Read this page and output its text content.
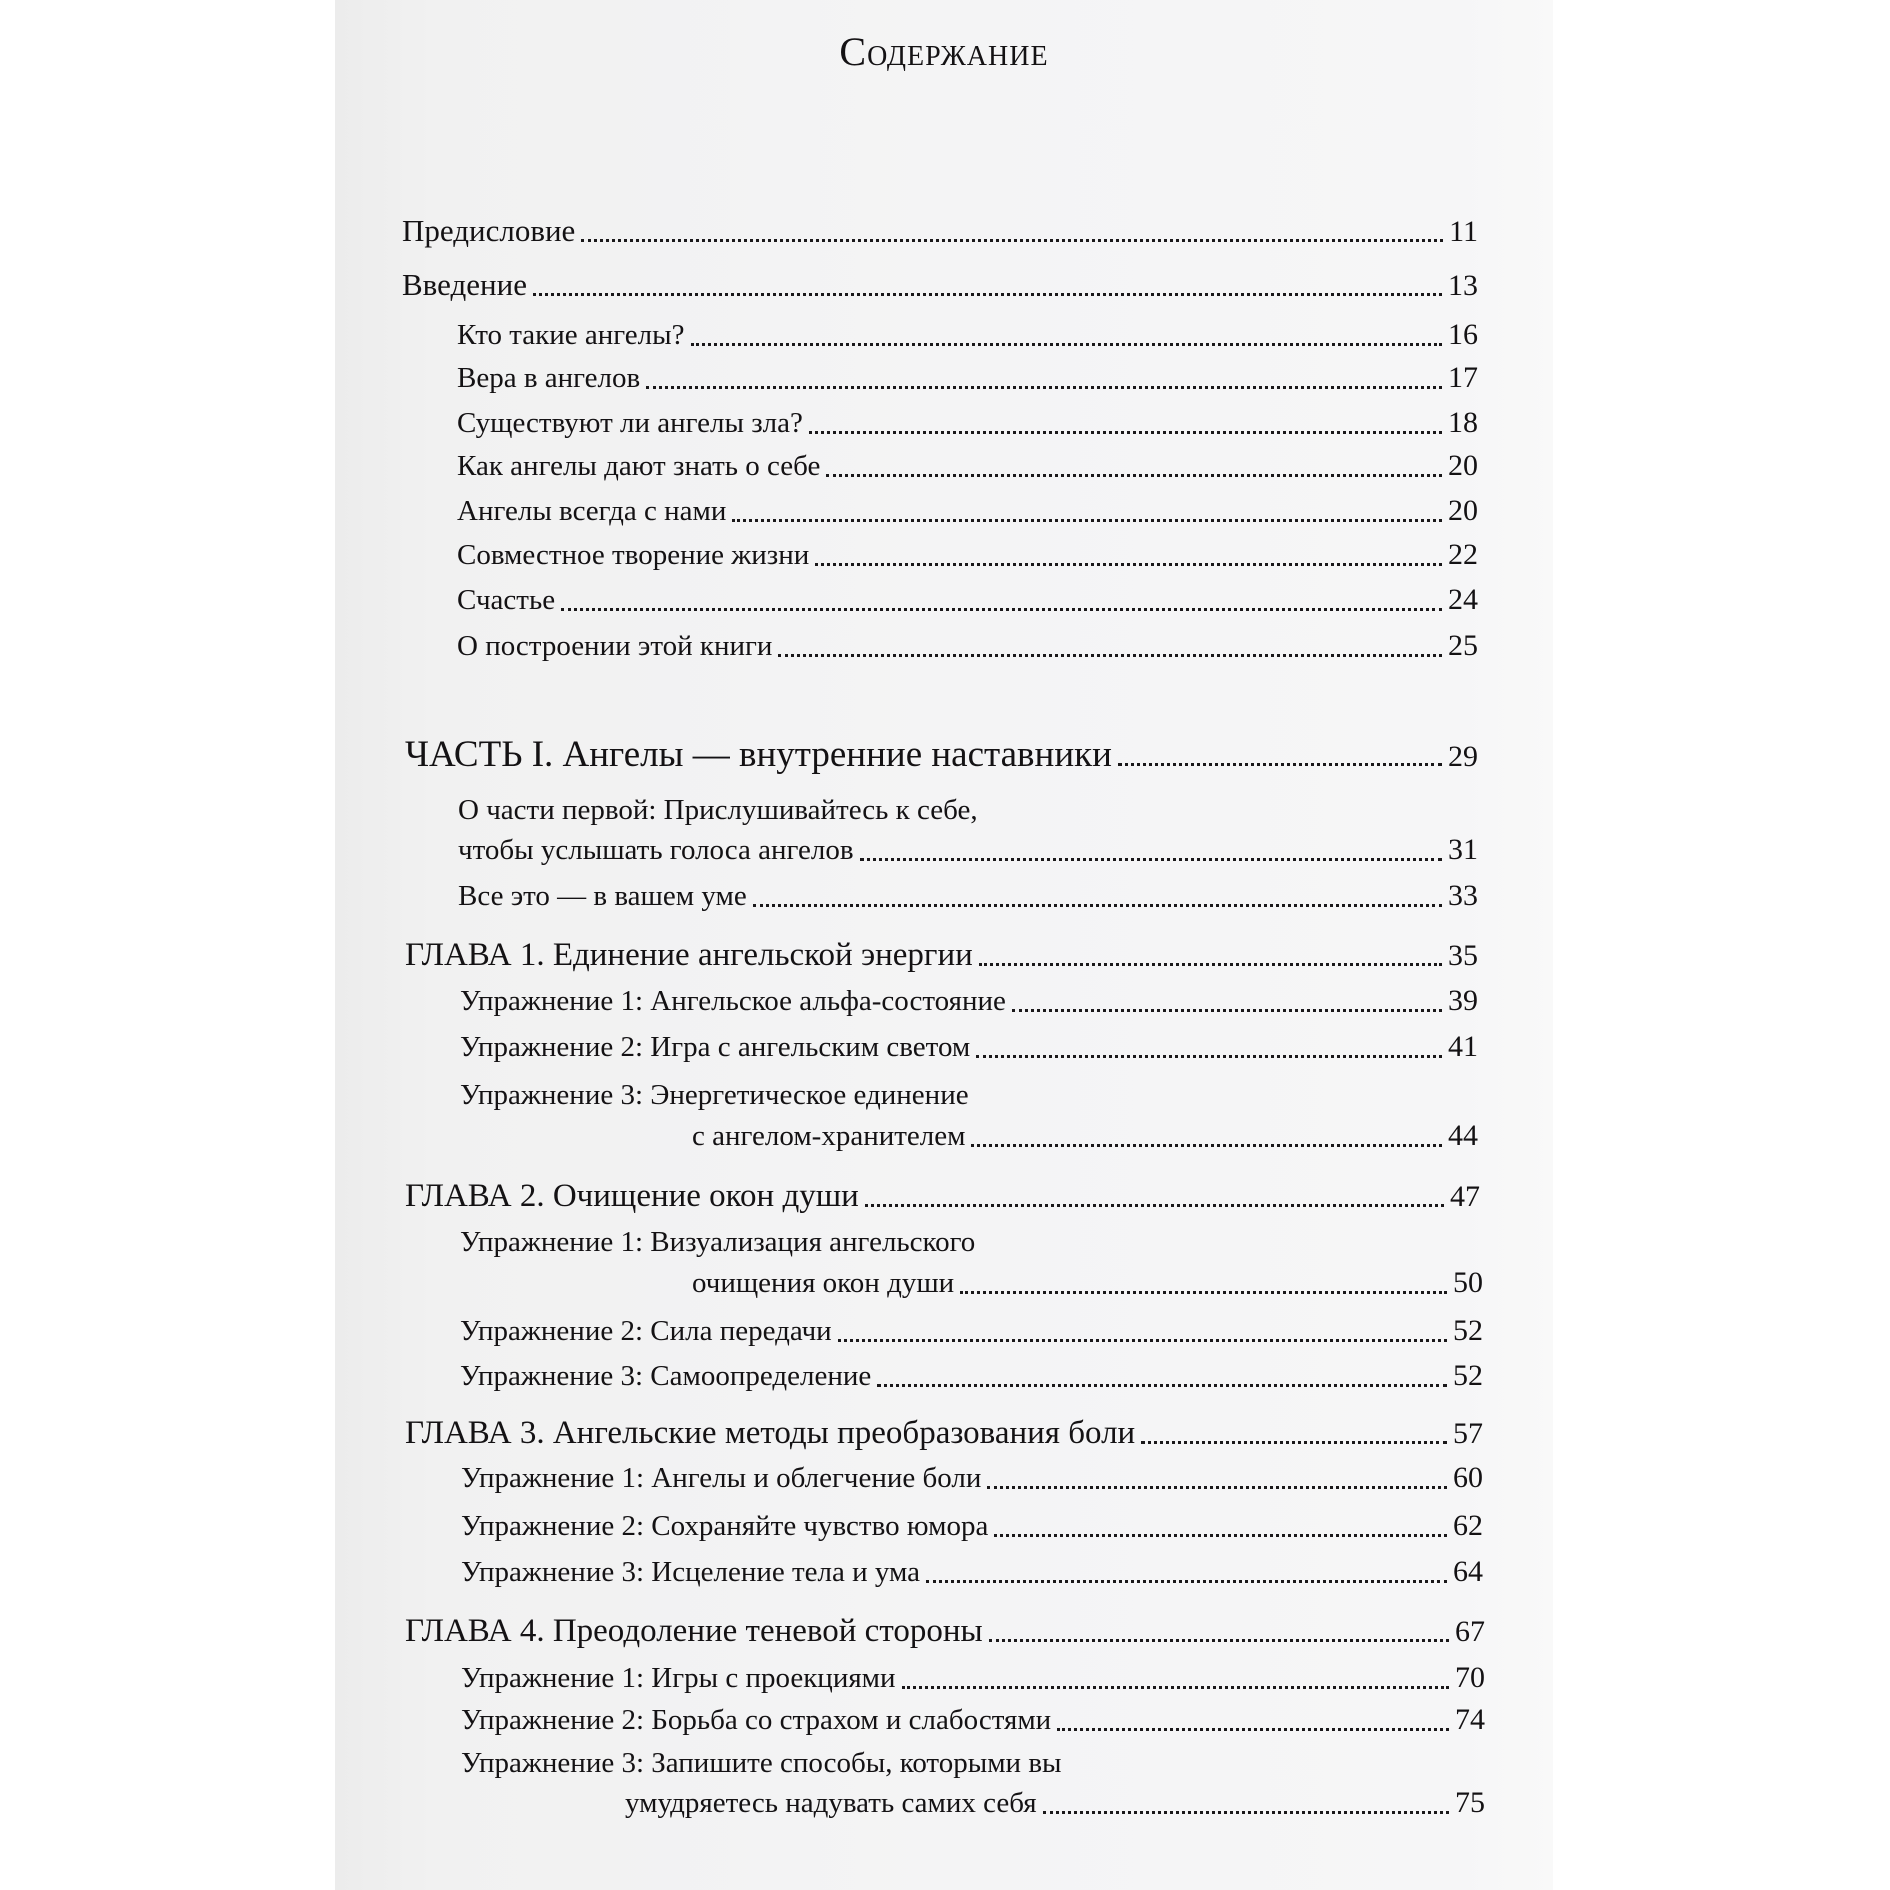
Содержание
Предисловие	11
Введение	13
Кто такие ангелы?	16
Вера в ангелов	17
Существуют ли ангелы зла?	18
Как ангелы дают знать о себе	20
Ангелы всегда с нами	20
Совместное творение жизни	22
Счастье	24
О построении этой книги	25
ЧАСТЬ I. Ангелы — внутренние наставники	29
О части первой: Прислушивайтесь к себе,
чтобы услышать голоса ангелов	31
Все это — в вашем уме	33
ГЛАВА 1. Единение ангельской энергии	35
Упражнение 1: Ангельское альфа-состояние	39
Упражнение 2: Игра с ангельским светом	41
Упражнение 3: Энергетическое единение
с ангелом-хранителем	44
ГЛАВА 2. Очищение окон души	47
Упражнение 1: Визуализация ангельского
очищения окон души	50
Упражнение 2: Сила передачи	52
Упражнение 3: Самоопределение	52
ГЛАВА 3. Ангельские методы преобразования боли	57
Упражнение 1: Ангелы и облегчение боли	60
Упражнение 2: Сохраняйте чувство юмора	62
Упражнение 3: Исцеление тела и ума	64
ГЛАВА 4. Преодоление теневой стороны	67
Упражнение 1: Игры с проекциями	70
Упражнение 2: Борьба со страхом и слабостями	74
Упражнение 3: Запишите способы, которыми вы
умудряетесь надувать самих себя	75
